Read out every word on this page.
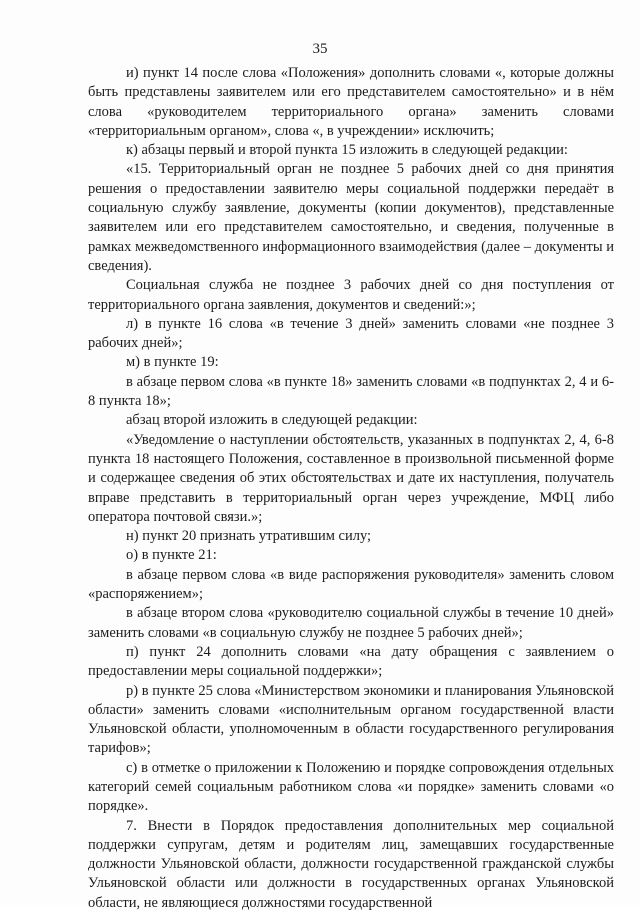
35

и) пункт 14 после слова «Положения» дополнить словами «, которые должны быть представлены заявителем или его представителем самостоятельно» и в нём слова «руководителем территориального органа» заменить словами «территориальным органом», слова «, в учреждении» исключить;

к) абзацы первый и второй пункта 15 изложить в следующей редакции:

«15. Территориальный орган не позднее 5 рабочих дней со дня принятия решения о предоставлении заявителю меры социальной поддержки передаёт в социальную службу заявление, документы (копии документов), представленные заявителем или его представителем самостоятельно, и сведения, полученные в рамках межведомственного информационного взаимодействия (далее – документы и сведения).

Социальная служба не позднее 3 рабочих дней со дня поступления от территориального органа заявления, документов и сведений:»;

л) в пункте 16 слова «в течение 3 дней» заменить словами «не позднее 3 рабочих дней»;

м) в пункте 19:

в абзаце первом слова «в пункте 18» заменить словами «в подпунктах 2, 4 и 6-8 пункта 18»;

абзац второй изложить в следующей редакции:

«Уведомление о наступлении обстоятельств, указанных в подпунктах 2, 4, 6-8 пункта 18 настоящего Положения, составленное в произвольной письменной форме и содержащее сведения об этих обстоятельствах и дате их наступления, получатель вправе представить в территориальный орган через учреждение, МФЦ либо оператора почтовой связи.»;

н) пункт 20 признать утратившим силу;

о) в пункте 21:

в абзаце первом слова «в виде распоряжения руководителя» заменить словом «распоряжением»;

в абзаце втором слова «руководителю социальной службы в течение 10 дней» заменить словами «в социальную службу не позднее 5 рабочих дней»;

п) пункт 24 дополнить словами «на дату обращения с заявлением о предоставлении меры социальной поддержки»;

р) в пункте 25 слова «Министерством экономики и планирования Ульяновской области» заменить словами «исполнительным органом государственной власти Ульяновской области, уполномоченным в области государственного регулирования тарифов»;

с) в отметке о приложении к Положению и порядке сопровождения отдельных категорий семей социальным работником слова «и порядке» заменить словами «о порядке».

7. Внести в Порядок предоставления дополнительных мер социальной поддержки супругам, детям и родителям лиц, замещавших государственные должности Ульяновской области, должности государственной гражданской службы Ульяновской области или должности в государственных органах Ульяновской области, не являющиеся должностями государственной
